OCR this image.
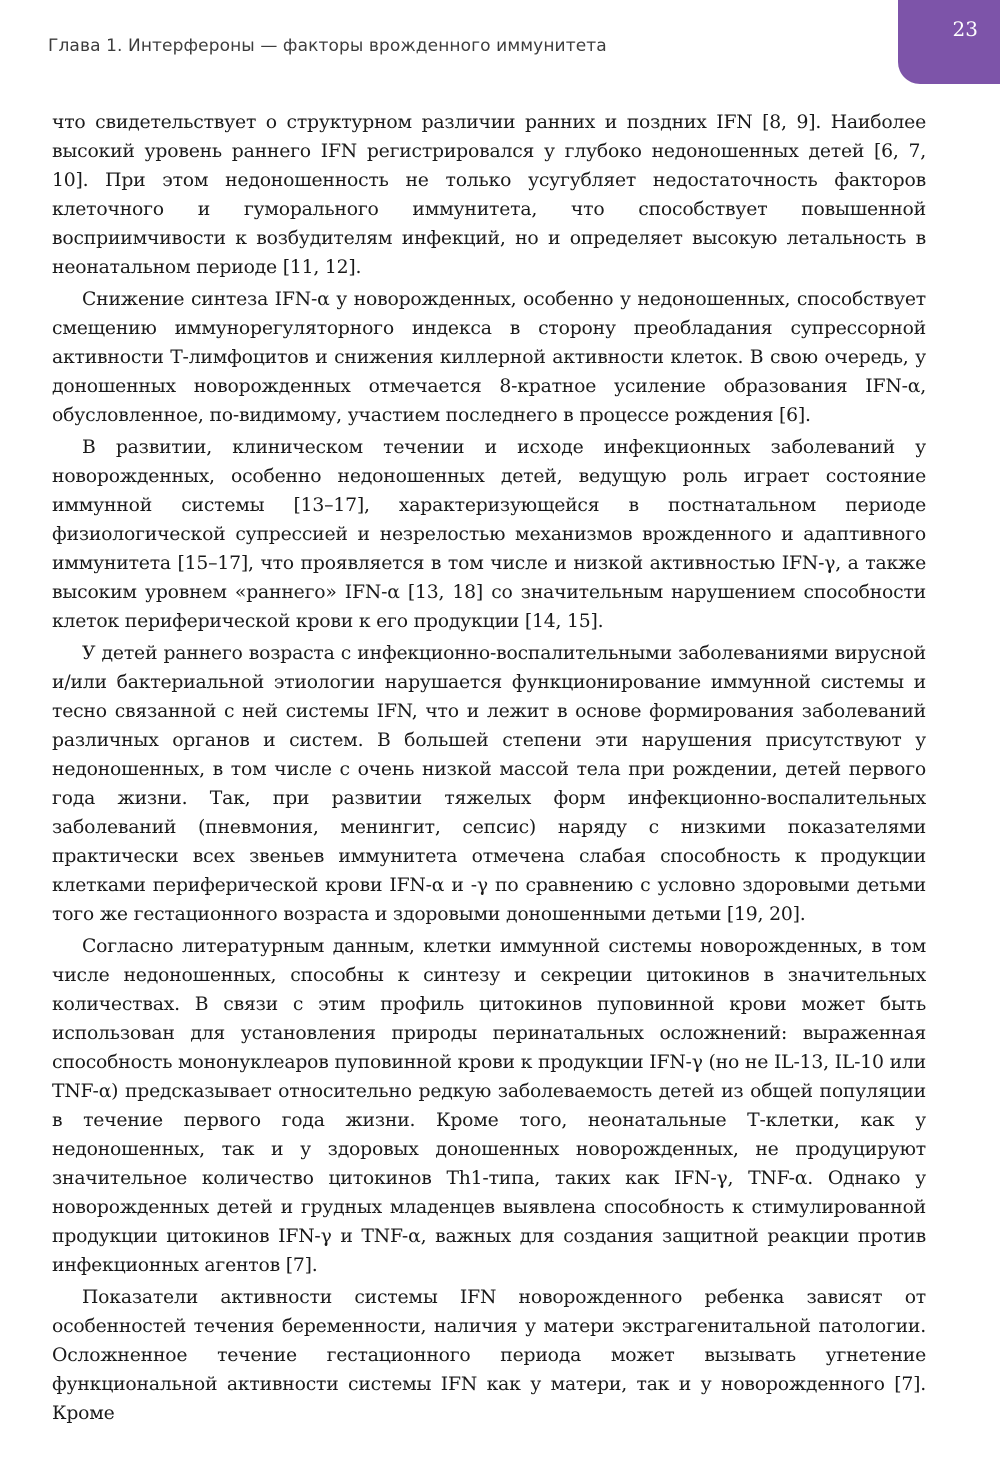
Глава 1. Интерфероны — факторы врожденного иммунитета
23

что свидетельствует о структурном различии ранних и поздних IFN [8, 9]. Наиболее высокий уровень раннего IFN регистрировался у глубоко недоношенных детей [6, 7, 10]. При этом недоношенность не только усугубляет недостаточность факторов клеточного и гуморального иммунитета, что способствует повышенной восприимчивости к возбудителям инфекций, но и определяет высокую летальность в неонатальном периоде [11, 12].

Снижение синтеза IFN-α у новорожденных, особенно у недоношенных, способствует смещению иммунорегуляторного индекса в сторону преобладания супрессорной активности Т-лимфоцитов и снижения киллерной активности клеток. В свою очередь, у доношенных новорожденных отмечается 8-кратное усиление образования IFN-α, обусловленное, по-видимому, участием последнего в процессе рождения [6].

В развитии, клиническом течении и исходе инфекционных заболеваний у новорожденных, особенно недоношенных детей, ведущую роль играет состояние иммунной системы [13–17], характеризующейся в постнатальном периоде физиологической супрессией и незрелостью механизмов врожденного и адаптивного иммунитета [15–17], что проявляется в том числе и низкой активностью IFN-γ, а также высоким уровнем «раннего» IFN-α [13, 18] со значительным нарушением способности клеток периферической крови к его продукции [14, 15].

У детей раннего возраста с инфекционно-воспалительными заболеваниями вирусной и/или бактериальной этиологии нарушается функционирование иммунной системы и тесно связанной с ней системы IFN, что и лежит в основе формирования заболеваний различных органов и систем. В большей степени эти нарушения присутствуют у недоношенных, в том числе с очень низкой массой тела при рождении, детей первого года жизни. Так, при развитии тяжелых форм инфекционно-воспалительных заболеваний (пневмония, менингит, сепсис) наряду с низкими показателями практически всех звеньев иммунитета отмечена слабая способность к продукции клетками периферической крови IFN-α и -γ по сравнению с условно здоровыми детьми того же гестационного возраста и здоровыми доношенными детьми [19, 20].

Согласно литературным данным, клетки иммунной системы новорожденных, в том числе недоношенных, способны к синтезу и секреции цитокинов в значительных количествах. В связи с этим профиль цитокинов пуповинной крови может быть использован для установления природы перинатальных осложнений: выраженная способность мононуклеаров пуповинной крови к продукции IFN-γ (но не IL-13, IL-10 или TNF-α) предсказывает относительно редкую заболеваемость детей из общей популяции в течение первого года жизни. Кроме того, неонатальные Т-клетки, как у недоношенных, так и у здоровых доношенных новорожденных, не продуцируют значительное количество цитокинов Th1-типа, таких как IFN-γ, TNF-α. Однако у новорожденных детей и грудных младенцев выявлена способность к стимулированной продукции цитокинов IFN-γ и TNF-α, важных для создания защитной реакции против инфекционных агентов [7].

Показатели активности системы IFN новорожденного ребенка зависят от особенностей течения беременности, наличия у матери экстрагенитальной патологии. Осложненное течение гестационного периода может вызывать угнетение функциональной активности системы IFN как у матери, так и у новорожденного [7]. Кроме
